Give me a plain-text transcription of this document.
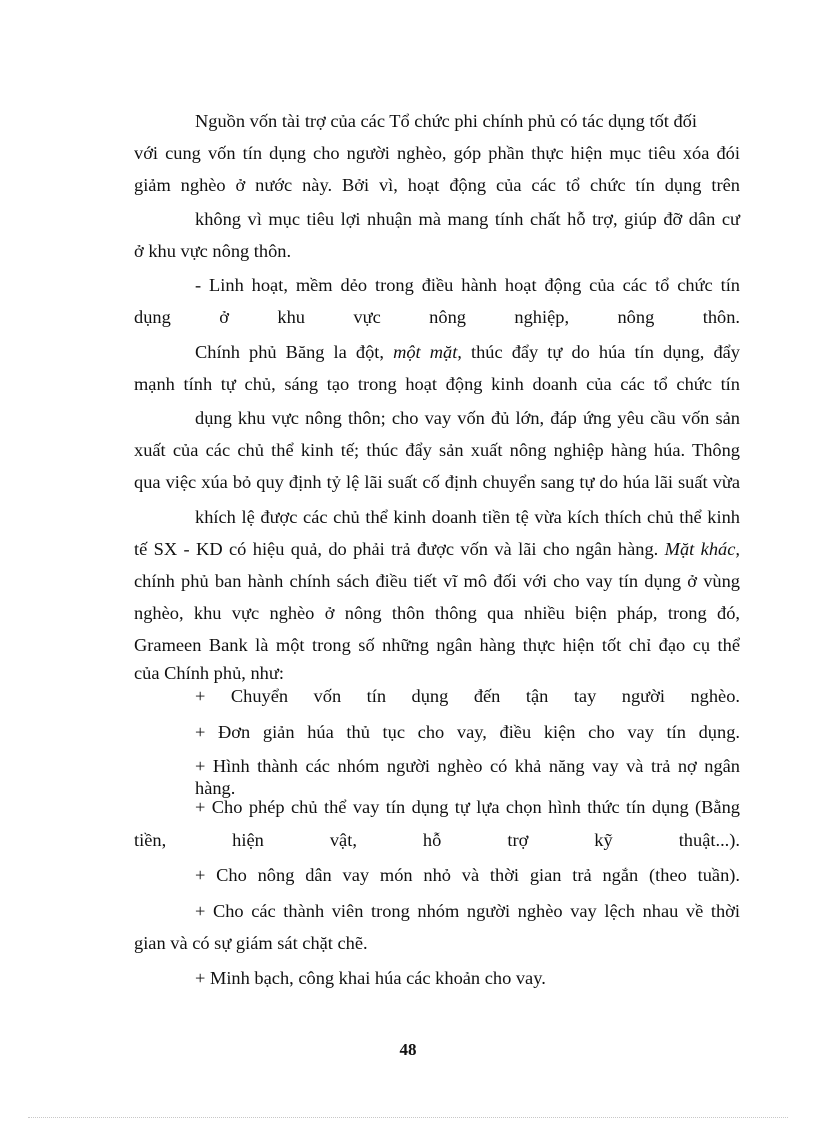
Nguồn vốn tài trợ của các Tổ chức phi chính phủ có tác dụng tốt đối
với cung vốn tín dụng cho người nghèo, góp phần thực hiện mục tiêu xóa đói
giảm nghèo ở nước này. Bởi vì, hoạt động của các tổ chức tín dụng trên
không vì mục tiêu lợi nhuận mà mang tính chất hỗ trợ, giúp đỡ dân cư
ở khu vực nông thôn.
- Linh hoạt, mềm dẻo trong điều hành hoạt động của các tổ chức tín
dụng ở khu vực nông nghiệp, nông thôn.
Chính phủ Băng la đột, một mặt, thúc đẩy tự do húa tín dụng, đẩy
mạnh tính tự chủ, sáng tạo trong hoạt động kinh doanh của các tổ chức tín
dụng khu vực nông thôn; cho vay vốn đủ lớn, đáp ứng yêu cầu vốn sản
xuất của các chủ thể kinh tế; thúc đẩy sản xuất nông nghiệp hàng húa. Thông
qua việc xúa bỏ quy định tỷ lệ lãi suất cố định chuyển sang tự do húa lãi suất vừa
khích lệ được các chủ thể kinh doanh tiền tệ vừa kích thích chủ thể kinh
tế SX - KD có hiệu quả, do phải trả được vốn và lãi cho ngân hàng. Mặt khác,
chính phủ ban hành chính sách điều tiết vĩ mô đối với cho vay tín dụng ở vùng
nghèo, khu vực nghèo ở nông thôn thông qua nhiều biện pháp, trong đó,
Grameen Bank là một trong số những ngân hàng thực hiện tốt chỉ đạo cụ thể
của Chính phủ, như:
+ Chuyển vốn tín dụng đến tận tay người nghèo.
+ Đơn giản húa thủ tục cho vay, điều kiện cho vay tín dụng.
+ Hình thành các nhóm người nghèo có khả năng vay và trả nợ ngân hàng.
+ Cho phép chủ thể vay tín dụng tự lựa chọn hình thức tín dụng (Bằng
tiền, hiện vật, hỗ trợ kỹ thuật...).
+ Cho nông dân vay món nhỏ và thời gian trả ngắn (theo tuần).
+ Cho các thành viên trong nhóm người nghèo vay lệch nhau về thời
gian và có sự giám sát chặt chẽ.
+ Minh bạch, công khai húa các khoản cho vay.
48
